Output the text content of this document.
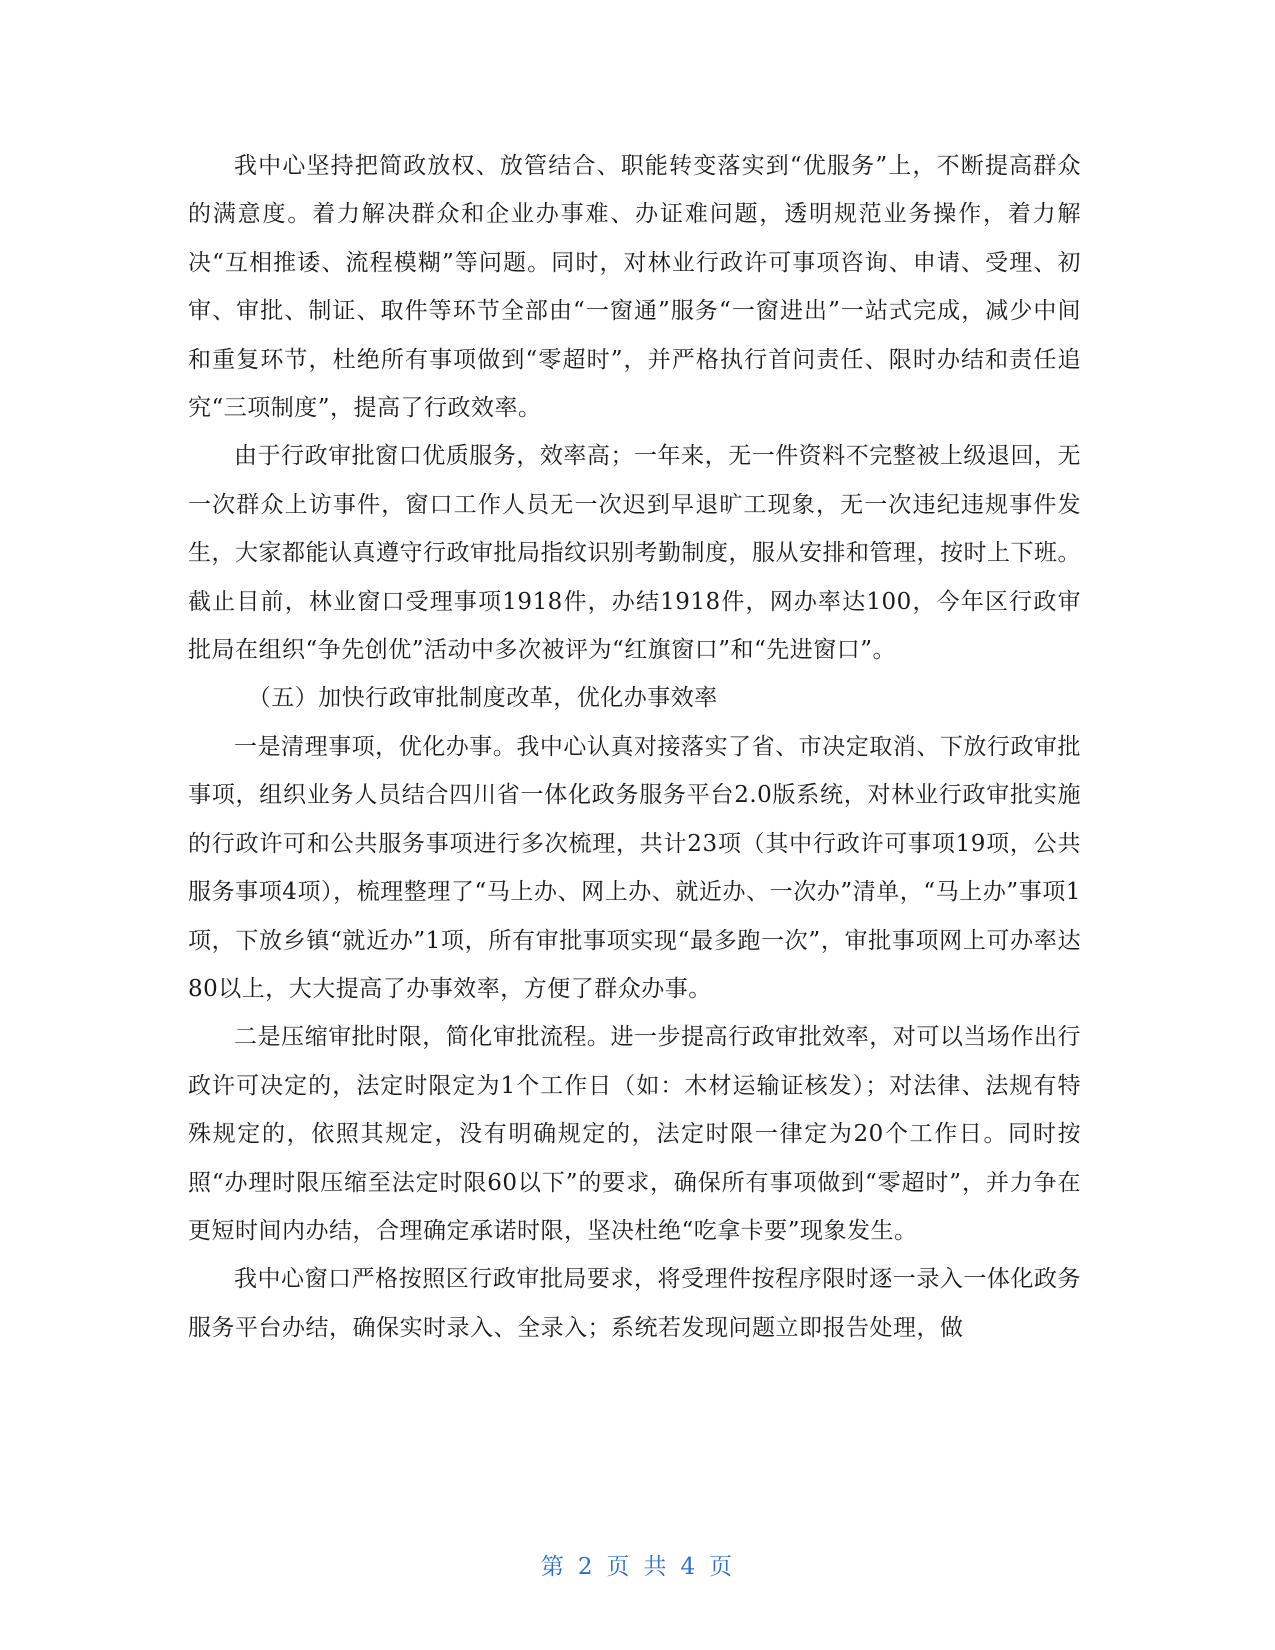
我中心坚持把简政放权、放管结合、职能转变落实到“优服务”上，不断提高群众的满意度。着力解决群众和企业办事难、办证难问题，透明规范业务操作，着力解决“互相推诿、流程模糊”等问题。同时，对林业行政许可事项咨询、申请、受理、初审、审批、制证、取件等环节全部由“一窗通”服务“一窗进出”一站式完成，减少中间和重复环节，杜绝所有事项做到“零超时”，并严格执行首问责任、限时办结和责任追究“三项制度”，提高了行政效率。

由于行政审批窗口优质服务，效率高；一年来，无一件资料不完整被上级退回，无一次群众上访事件，窗口工作人员无一次迟到早退旷工现象，无一次违纪违规事件发生，大家都能认真遵守行政审批局指纹识别考勤制度，服从安排和管理，按时上下班。截止目前，林业窗口受理事项1918件，办结1918件，网办率达100，今年区行政审批局在组织“争先创优”活动中多次被评为“红旗窗口”和“先进窗口”。

（五）加快行政审批制度改革，优化办事效率

一是清理事项，优化办事。我中心认真对接落实了省、市决定取消、下放行政审批事项，组织业务人员结合四川省一体化政务服务平台2.0版系统，对林业行政审批实施的行政许可和公共服务事项进行多次梳理，共计23项（其中行政许可事项19项，公共服务事项4项），梳理整理了“马上办、网上办、就近办、一次办”清单，“马上办”事项1项，下放乡镇“就近办”1项，所有审批事项实现“最多跑一次”，审批事项网上可办率达80以上，大大提高了办事效率，方便了群众办事。

二是压缩审批时限，简化审批流程。进一步提高行政审批效率，对可以当场作出行政许可决定的，法定时限定为1个工作日（如：木材运输证核发）；对法律、法规有特殊规定的，依照其规定，没有明确规定的，法定时限一律定为20个工作日。同时按照“办理时限压缩至法定时限60以下”的要求，确保所有事项做到“零超时”，并力争在更短时间内办结，合理确定承诺时限，坚决杜绝“吃拿卡要”现象发生。

我中心窗口严格按照区行政审批局要求，将受理件按程序限时逐一录入一体化政务服务平台办结，确保实时录入、全录入；系统若发现问题立即报告处理，做

第 2 页 共 4 页
